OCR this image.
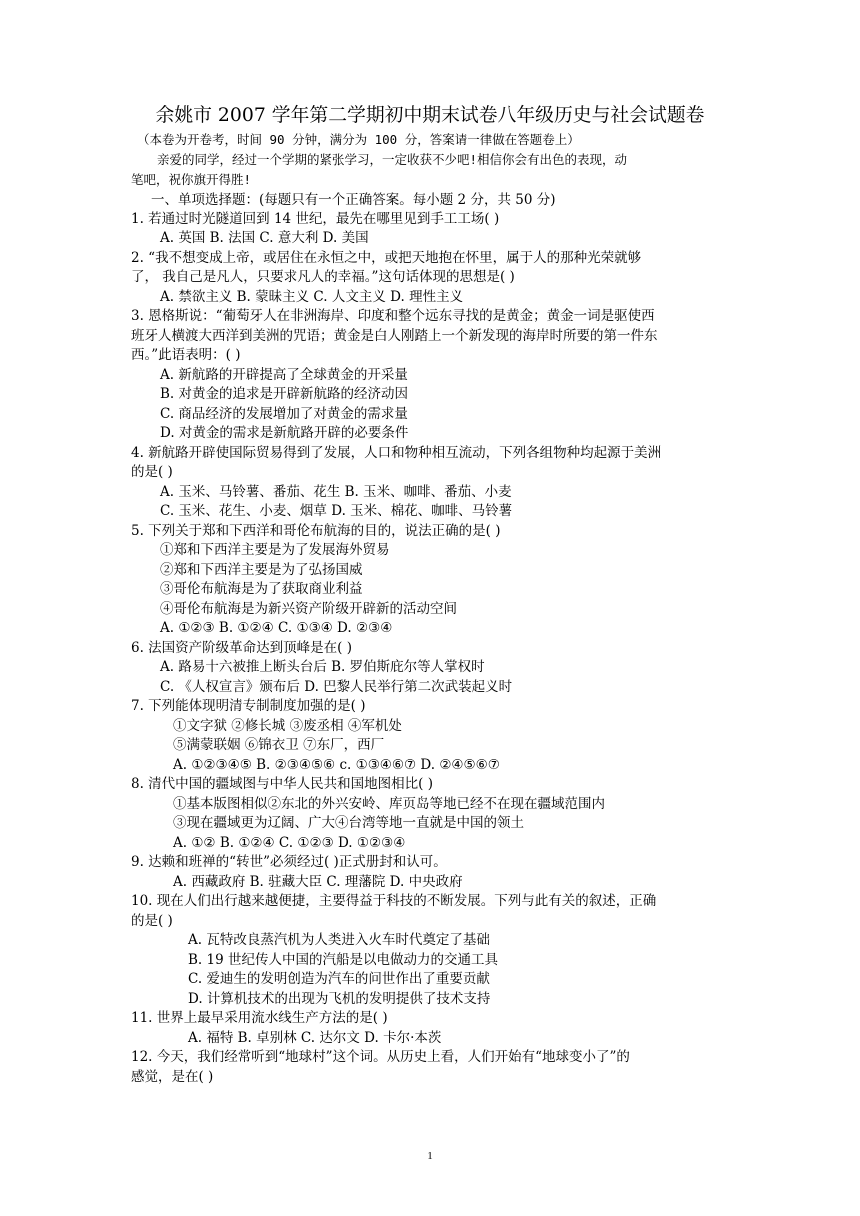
余姚市 2007 学年第二学期初中期末试卷八年级历史与社会试题卷
（本卷为开卷考，时间 90 分钟，满分为 100 分，答案请一律做在答题卷上）
亲爱的同学，经过一个学期的紧张学习，一定收获不少吧!相信你会有出色的表现，动
笔吧，祝你旗开得胜!
一、单项选择题：(每题只有一个正确答案。每小题 2 分，共 50 分)
1. 若通过时光隧道回到 14 世纪，最先在哪里见到手工工场( )
A. 英国 B. 法国 C. 意大利 D. 美国
2. “我不想变成上帝，或居住在永恒之中，或把天地抱在怀里，属于人的那种光荣就够
了， 我自己是凡人，只要求凡人的幸福。”这句话体现的思想是( )
A. 禁欲主义 B. 蒙昧主义 C. 人文主义 D. 理性主义
3. 恩格斯说：“葡萄牙人在非洲海岸、印度和整个远东寻找的是黄金；黄金一词是驱使西
班牙人横渡大西洋到美洲的咒语；黄金是白人刚踏上一个新发现的海岸时所要的第一件东
西。”此语表明：( )
A. 新航路的开辟提高了全球黄金的开采量
B. 对黄金的追求是开辟新航路的经济动因
C. 商品经济的发展增加了对黄金的需求量
D. 对黄金的需求是新航路开辟的必要条件
4. 新航路开辟使国际贸易得到了发展，人口和物种相互流动，下列各组物种均起源于美洲
的是( )
A. 玉米、马铃薯、番茄、花生 B. 玉米、咖啡、番茄、小麦
C. 玉米、花生、小麦、烟草 D. 玉米、棉花、咖啡、马铃薯
5. 下列关于郑和下西洋和哥伦布航海的目的，说法正确的是( )
①郑和下西洋主要是为了发展海外贸易
②郑和下西洋主要是为了弘扬国威
③哥伦布航海是为了获取商业利益
④哥伦布航海是为新兴资产阶级开辟新的活动空间
A. ①②③ B. ①②④ C. ①③④ D. ②③④
6. 法国资产阶级革命达到顶峰是在( )
A. 路易十六被推上断头台后 B. 罗伯斯庇尔等人掌权时
C. 《人权宣言》颁布后 D. 巴黎人民举行第二次武装起义时
7. 下列能体现明清专制制度加强的是( )
①文字狱 ②修长城 ③废丞相 ④军机处
⑤满蒙联姻 ⑥锦衣卫 ⑦东厂，西厂
A. ①②③④⑤ B. ②③④⑤⑥ c. ①③④⑥⑦ D. ②④⑤⑥⑦
8. 清代中国的疆域图与中华人民共和国地图相比( )
①基本版图相似②东北的外兴安岭、库页岛等地已经不在现在疆域范围内
③现在疆域更为辽阔、广大④台湾等地一直就是中国的领土
A. ①② B. ①②④ C. ①②③ D. ①②③④
9. 达赖和班禅的“转世”必须经过( )正式册封和认可。
A. 西藏政府 B. 驻藏大臣 C. 理藩院 D. 中央政府
10. 现在人们出行越来越便捷，主要得益于科技的不断发展。下列与此有关的叙述，正确
的是( )
A. 瓦特改良蒸汽机为人类进入火车时代奠定了基础
B. 19 世纪传人中国的汽船是以电做动力的交通工具
C. 爱迪生的发明创造为汽车的问世作出了重要贡献
D. 计算机技术的出现为飞机的发明提供了技术支持
11. 世界上最早采用流水线生产方法的是( )
A. 福特 B. 卓别林 C. 达尔文 D. 卡尔·本茨
12. 今天，我们经常听到“地球村”这个词。从历史上看，人们开始有“地球变小了”的
感觉，是在( )
1
